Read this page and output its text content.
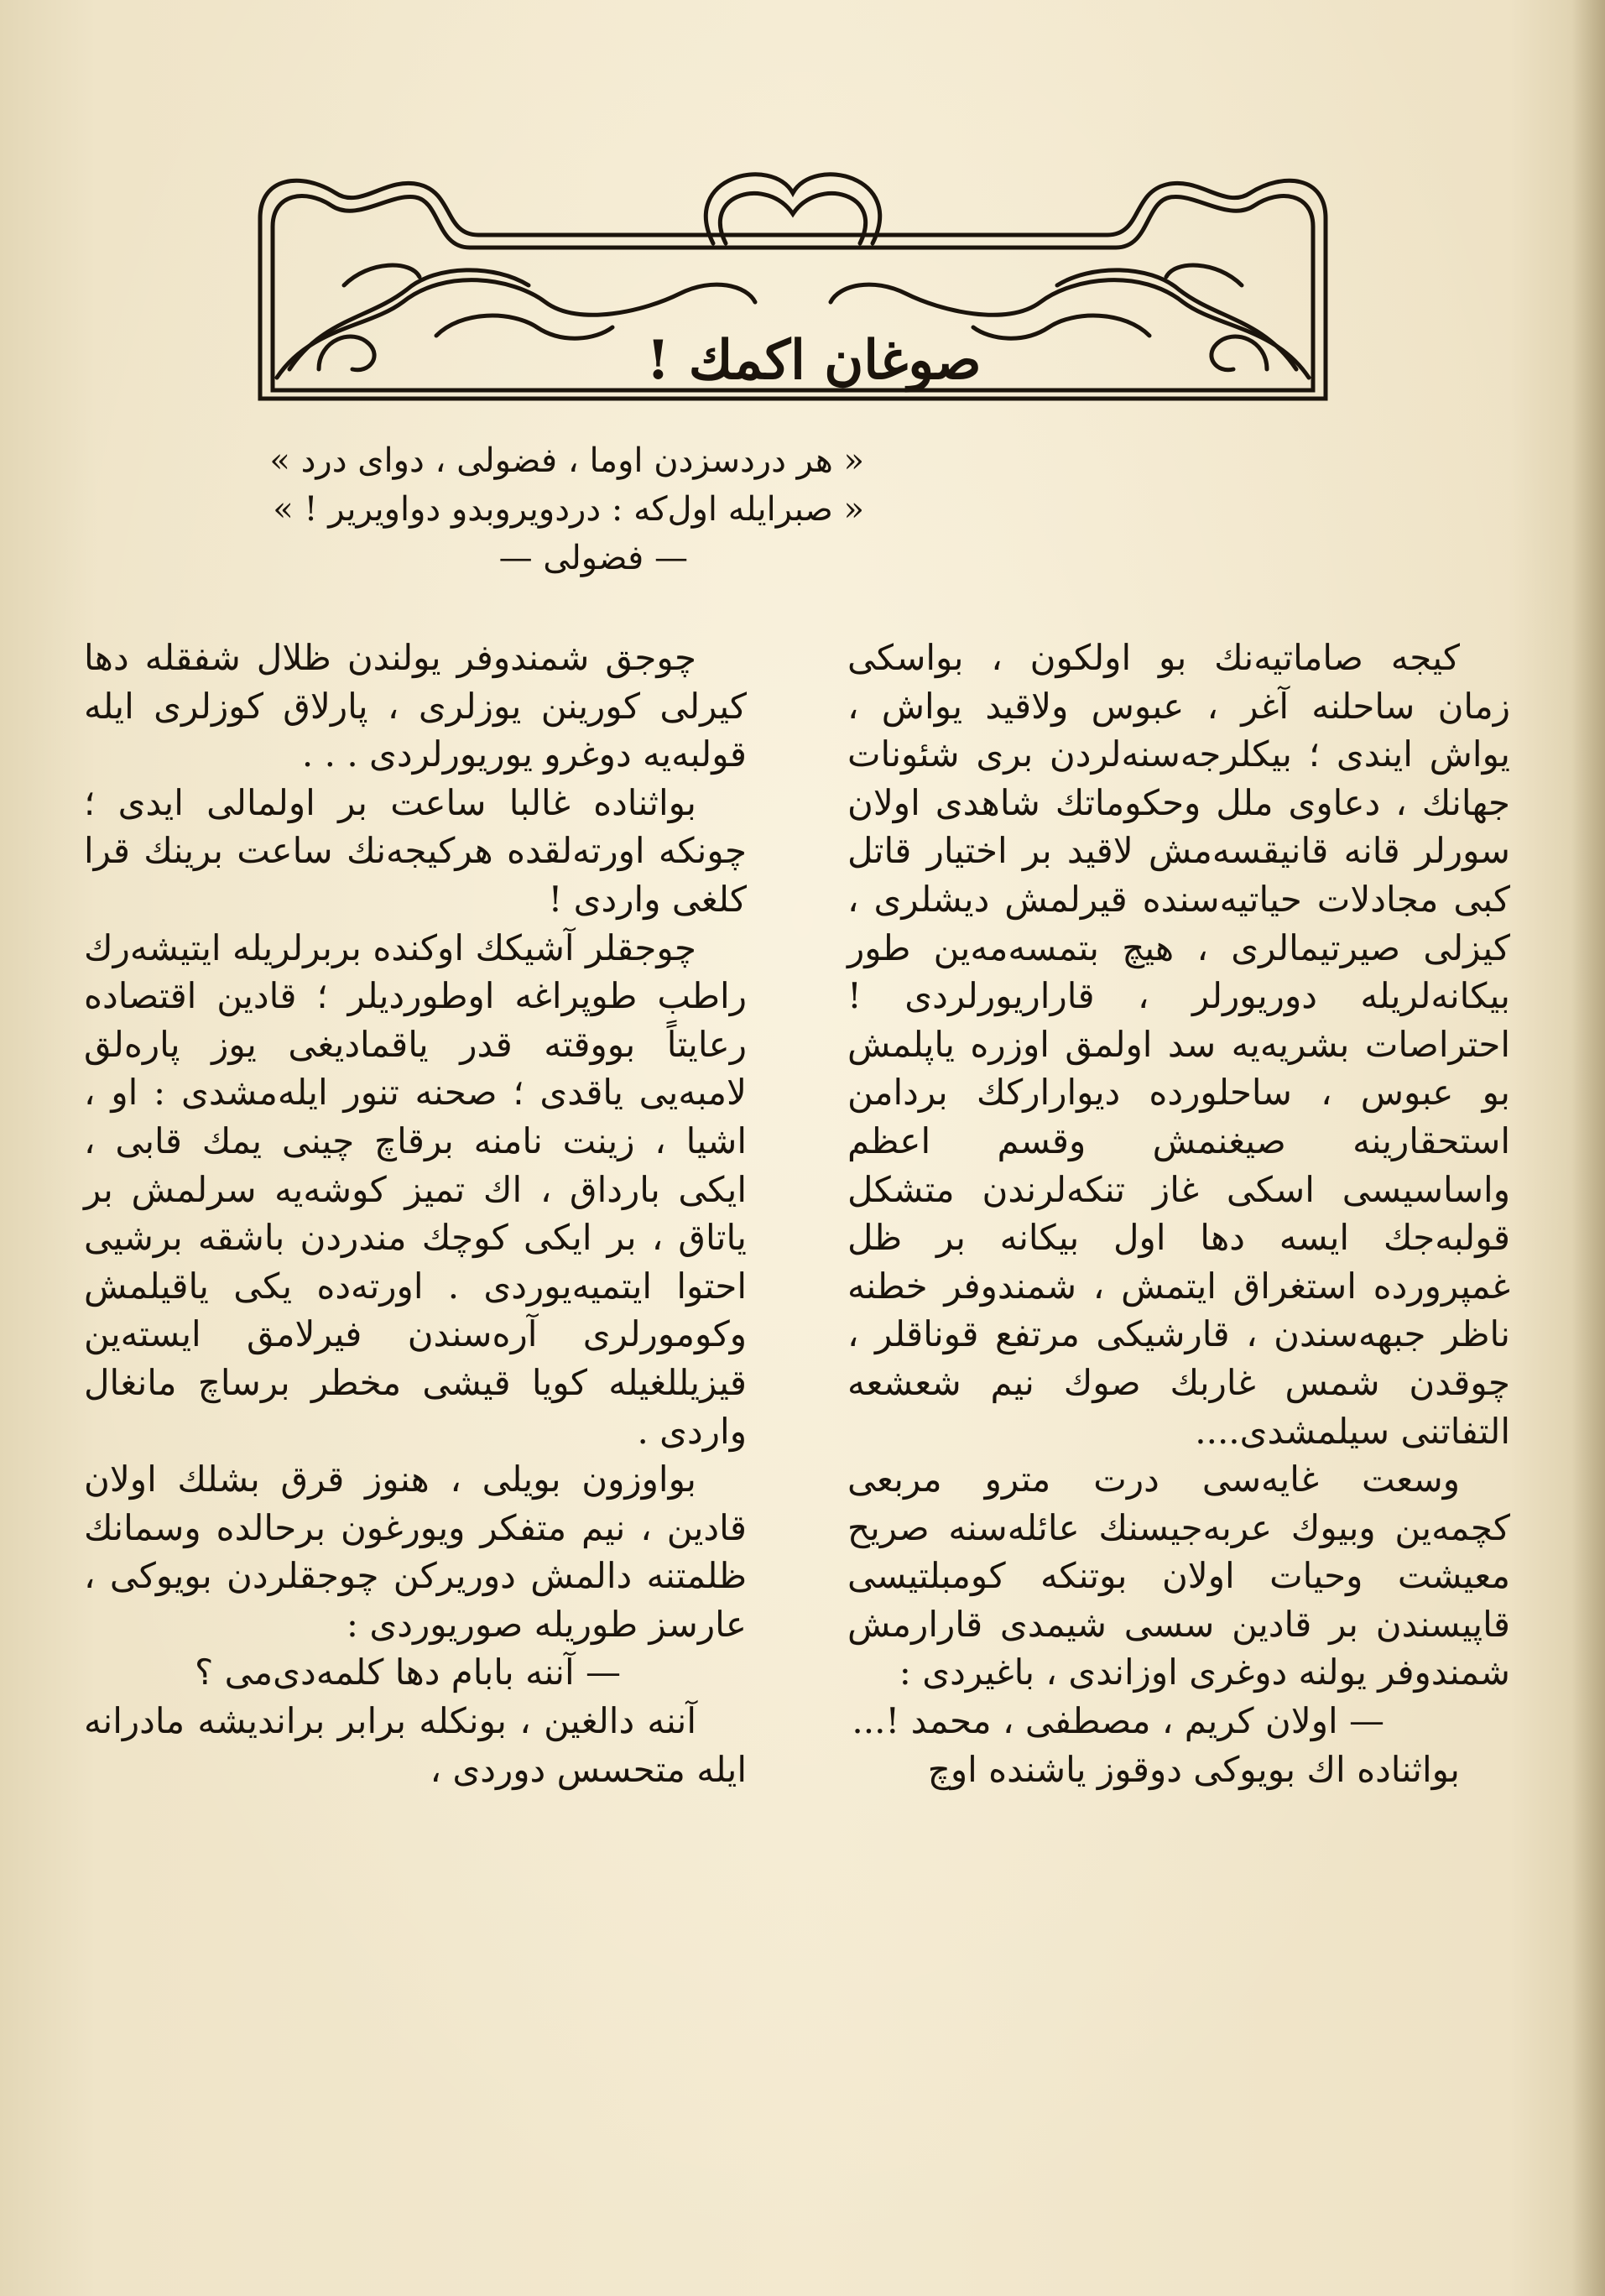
صوغان اكمك !
« هر دردسزدن اوما ، فضولی ، دوای درد »
« صبرایله اول‌كه : دردویروبدو دواویریر ! »
— فضولی —

كيجه صاماتيه‌نك بو اولكون ، بواسكی زمان ساحلنه آغر ، عبوس ولاقيد يواش ، يواش ايندی ؛ بيكلرجه‌سنه‌لردن بری شئونات جهانك ، دعاوی ملل وحكوماتك شاهدی اولان سورلر قانه قانيقسه‌مش لاقيد بر اختيار قاتل كبی مجادلات حياتيه‌سنده قيرلمش ديشلری ، كيزلی صيرتيمالری ، هيچ بتمسه‌مه‌ين طور بيكانه‌لريله دوريورلر ، قاراريورلردی ! احتراصات بشريه‌يه سد اولمق اوزره ياپلمش بو عبوس ، ساحلورده ديواراركك بردامن استحقارينه صيغنمش وقسم اعظم واساسيسی اسكی غاز تنكه‌لرندن متشكل قولبه‌جك ايسه دها اول بيكانه بر ظل غمپرورده استغراق ايتمش ، شمندوفر خطنه ناظر جبهه‌سندن ، قارشيكی مرتفع قوناقلر ، چوقدن شمس غاربك صوك نيم شعشعه التفاتنی سيلمشدی....

وسعت غايه‌سی درت مترو مربعی كچمه‌ين وبيوك عربه‌جيسنك عائله‌سنه صريح معيشت وحيات اولان بوتنكه كومبلتيسی قاپيسندن بر قادين سسی شيمدی قارارمش شمندوفر يولنه دوغری اوزاندی ، باغيردی :

— اولان كريم ، مصطفی ، محمد !...

بواثناده اك بويوكی دوقوز ياشنده اوچ

چوجق شمندوفر يولندن ظلال شفقله دها كيرلی كورينن يوزلری ، پارلاق كوزلری ايله قولبه‌يه دوغرو يوريورلردی . . .

بواثناده غالبا ساعت بر اولمالی ايدی ؛ چونكه اورته‌لقده هركيجه‌نك ساعت برينك قرا كلغی واردی !

چوجقلر آشيكك اوكنده بربرلريله ايتيشه‌رك راطب طوپراغه اوطورديلر ؛ قادين اقتصاده رعايتاً بووقته قدر ياقماديغی يوز پاره‌لق لامبه‌يی ياقدی ؛ صحنه تنور ايله‌مشدی : او ، اشيا ، زينت نامنه برقاچ چينی يمك قابی ، ايكی بارداق ، اك تميز كوشه‌يه سرلمش بر ياتاق ، بر ايكی كوچك مندردن باشقه برشيی احتوا ايتميه‌يوردی . اورته‌ده يكی ياقيلمش وكومورلری آره‌سندن فيرلامق ايسته‌ين قيزيللغيله كويا قيشی مخطر برساچ مانغال واردی .

بواوزون بويلی ، هنوز قرق بشلك اولان قادين ، نيم متفكر ويورغون برحالده وسمانك ظلمتنه دالمش دوريركن چوجقلردن بويوكی ، عارسز طوريله صوريوردی :

— آننه بابام دها كلمه‌دی‌می ؟

آننه دالغين ، بونكله برابر برانديشه مادرانه ايله متحسس دوردی ،
